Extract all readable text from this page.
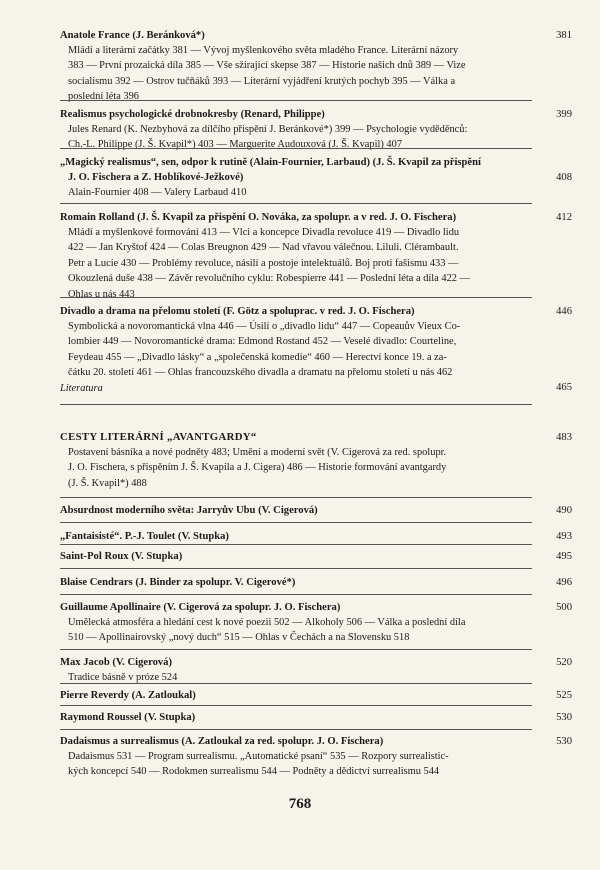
Anatole France (J. Beránková*)	381
Mládí a literární začátky 381 — Vývoj myšlenkového světa mladého France. Literární názory
383 — První prozaická díla 385 — Vše sžírající skepse 387 — Historie našich dnů 389 — Vize
socialismu 392 — Ostrov tučňáků 393 — Literární vyjádření krutých pochyb 395 — Válka a
poslední léta 396
Realismus psychologické drobnokresby (Renard, Philippe)	399
Jules Renard (K. Nezbyhová za dílčího přispění J. Beránkové*) 399 — Psychologie vyděděnců:
Ch.-L. Philippe (J. Š. Kvapil*) 403 — Marguerite Audouxová (J. Š. Kvapil) 407
„Magický realismus“, sen, odpor k rutině (Alain-Fournier, Larbaud) (J. Š. Kvapil za přispění
J. O. Fischera a Z. Hoblíkové-Ježkové)	408
Alain-Fournier 408 — Valery Larbaud 410
Romain Rolland (J. Š. Kvapil za přispění O. Nováka, za spolupr. a v red. J. O. Fischera)	412
Mládí a myšlenkové formování 413 — Vlci a koncepce Divadla revoluce 419 — Divadlo lidu
422 — Jan Kryštof 424 — Colas Breugnon 429 — Nad vřavou válečnou. Liluli. Clérambault.
Petr a Lucie 430 — Problémy revoluce, násilí a postoje intelektuálů. Boj proti fašismu 433 —
Okouzlená duše 438 — Závěr revolučního cyklu: Robespierre 441 — Poslední léta a díla 422 —
Ohlas u nás 443
Divadlo a drama na přelomu století (F. Götz a spoluprac. v red. J. O. Fischera)	446
Symbolická a novoromantická vlna 446 — Úsilí o „divadlo lidu“ 447 — Copeauův Vieux Co-
lombier 449 — Novoromantické drama: Edmond Rostand 452 — Veselé divadlo: Courteline,
Feydeau 455 — „Divadlo lásky“ a „společenská komedie“ 460 — Herectví konce 19. a za-
čátku 20. století 461 — Ohlas francouzského divadla a dramatu na přelomu století u nás 462
Literatura	465
CESTY LITERÁRNÍ „AVANTGARDY“	483
Postavení básníka a nové podněty 483; Umění a moderní svět (V. Cigerová za red. spolupr.
J. O. Fischera, s přispěním J. Š. Kvapila a J. Cigera) 486 — Historie formování avantgardy
(J. Š. Kvapil*) 488
Absurdnost moderního světa: Jarryův Ubu (V. Cigerová)	490
„Fantaisisté“. P.-J. Toulet (V. Stupka)	493
Saint-Pol Roux (V. Stupka)	495
Blaise Cendrars (J. Binder za spolupr. V. Cigerové*)	496
Guillaume Apollinaire (V. Cigerová za spolupr. J. O. Fischera)	500
Umělecká atmosféra a hledání cest k nové poezii 502 — Alkoholy 506 — Válka a poslední díla
510 — Apollinairovský „nový duch“ 515 — Ohlas v Čechách a na Slovensku 518
Max Jacob (V. Cigerová)	520
Tradice básně v próze 524
Pierre Reverdy (A. Zatloukal)	525
Raymond Roussel (V. Stupka)	530
Dadaismus a surrealismus (A. Zatloukal za red. spolupr. J. O. Fischera)	530
Dadaismus 531 — Program surrealismu. „Automatické psaní“ 535 — Rozpory surrealistic-
kých koncepcí 540 — Rodokmen surrealismu 544 — Podněty a dědictví surrealismu 544
768
